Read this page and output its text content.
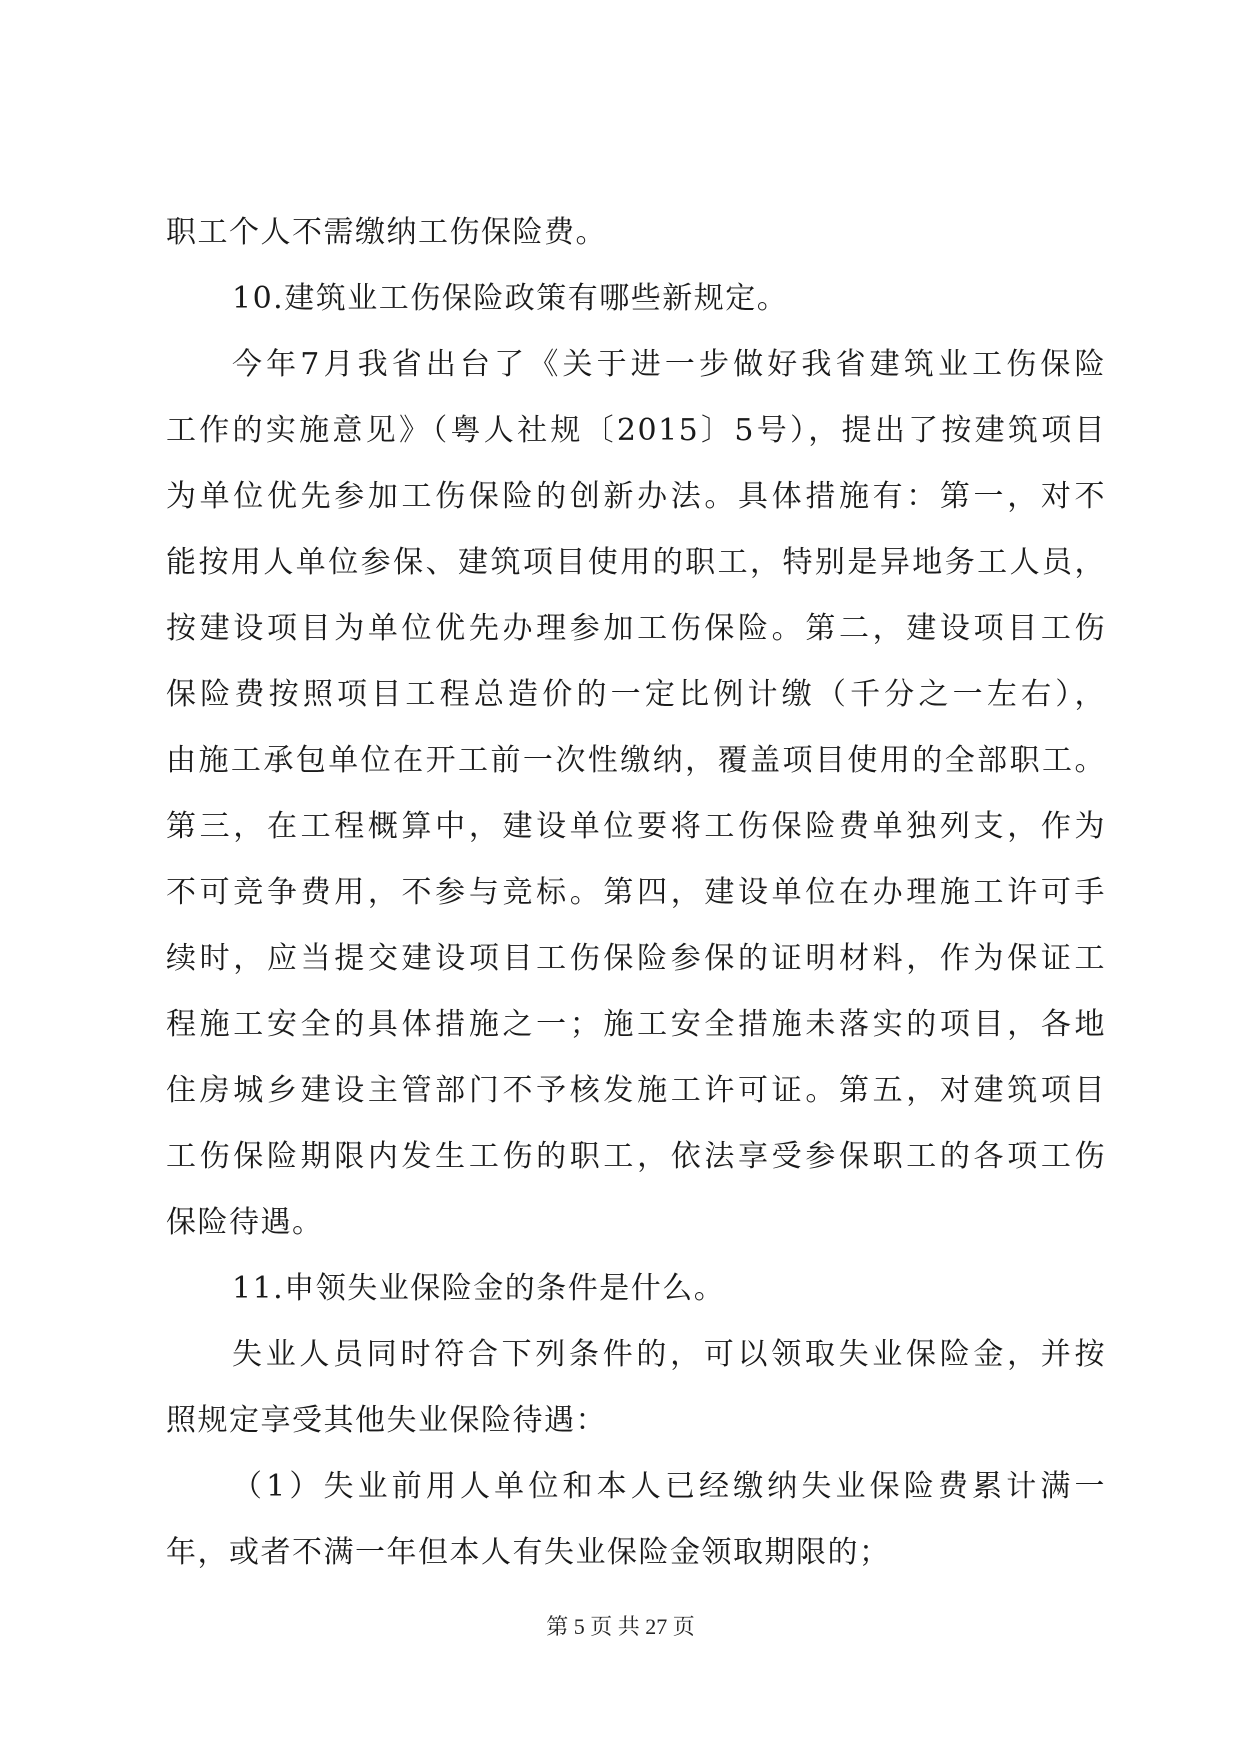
职工个人不需缴纳工伤保险费。
10.建筑业工伤保险政策有哪些新规定。
今年7月我省出台了《关于进一步做好我省建筑业工伤保险
工作的实施意见》（粤人社规〔2015〕5号），提出了按建筑项目
为单位优先参加工伤保险的创新办法。具体措施有：第一，对不
能按用人单位参保、建筑项目使用的职工，特别是异地务工人员，
按建设项目为单位优先办理参加工伤保险。第二，建设项目工伤
保险费按照项目工程总造价的一定比例计缴（千分之一左右），
由施工承包单位在开工前一次性缴纳，覆盖项目使用的全部职工。
第三，在工程概算中，建设单位要将工伤保险费单独列支，作为
不可竞争费用，不参与竞标。第四，建设单位在办理施工许可手
续时，应当提交建设项目工伤保险参保的证明材料，作为保证工
程施工安全的具体措施之一；施工安全措施未落实的项目，各地
住房城乡建设主管部门不予核发施工许可证。第五，对建筑项目
工伤保险期限内发生工伤的职工，依法享受参保职工的各项工伤
保险待遇。
11.申领失业保险金的条件是什么。
失业人员同时符合下列条件的，可以领取失业保险金，并按
照规定享受其他失业保险待遇：
（1）失业前用人单位和本人已经缴纳失业保险费累计满一
年，或者不满一年但本人有失业保险金领取期限的；
第 5 页 共 27 页
